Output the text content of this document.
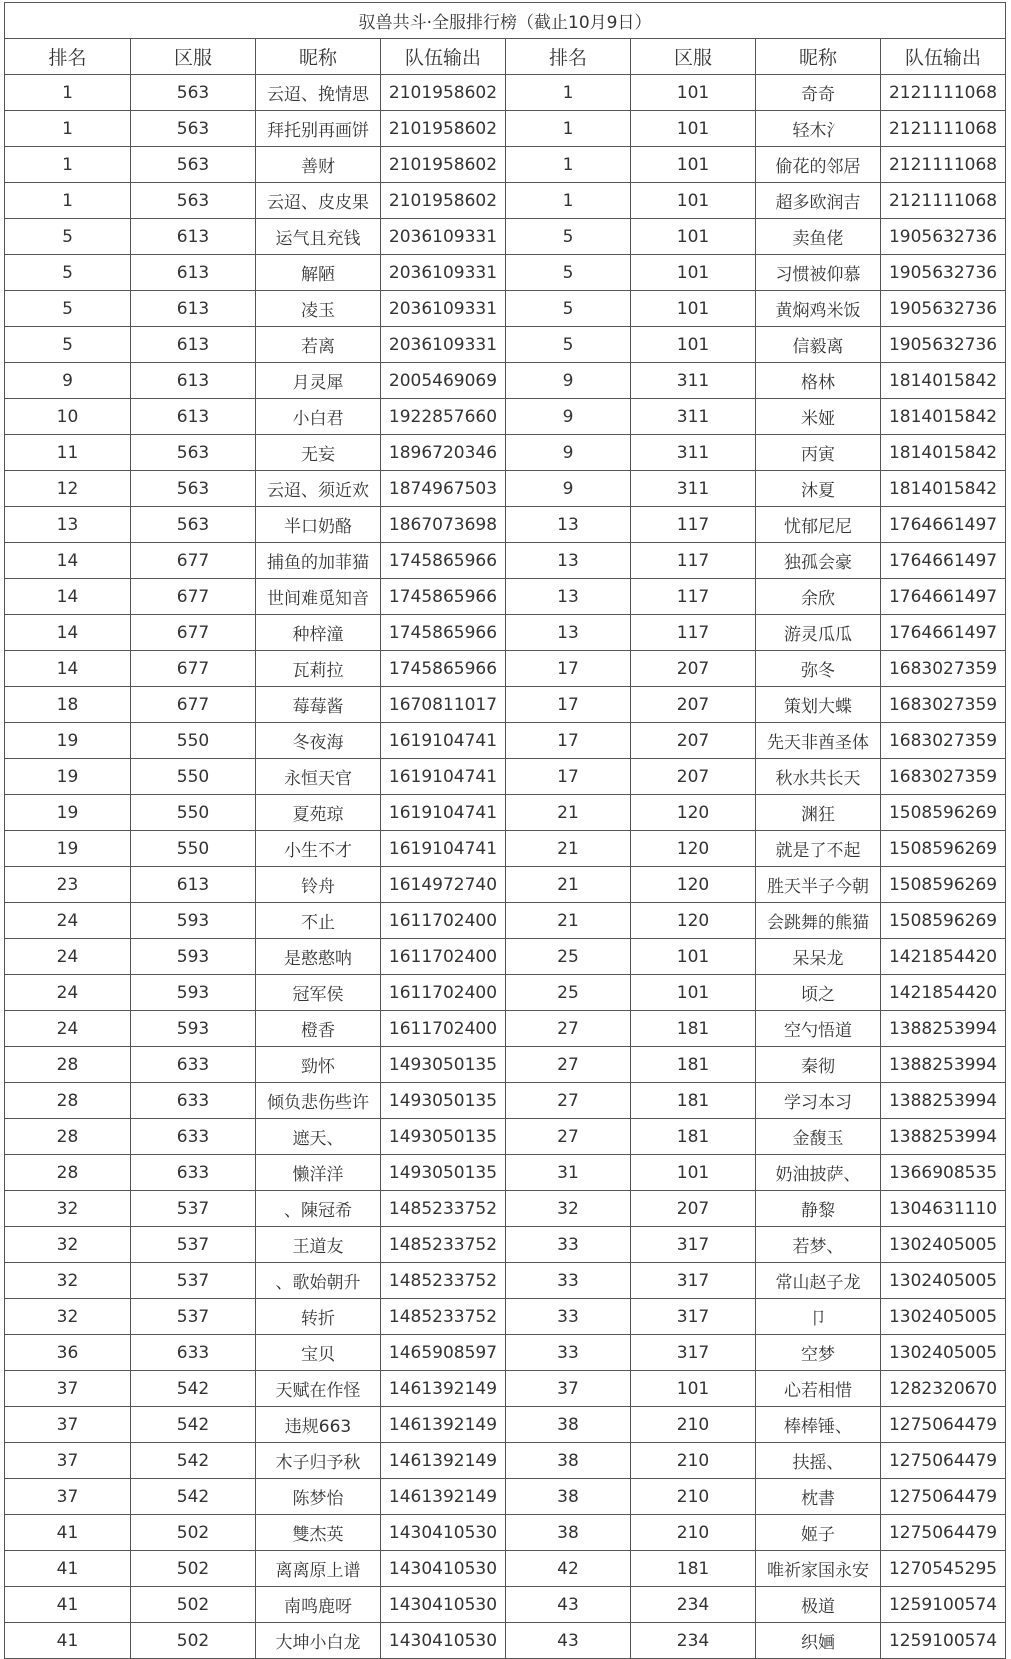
驭兽共斗·全服排行榜（截止10月9日）							
排名	区服	昵称	队伍输出	排名	区服	昵称	队伍输出
1	563	云迢、挽情思	2101958602	1	101	奇奇	2121111068
1	563	拜托别再画饼	2101958602	1	101	轻木氵	2121111068
1	563	善财	2101958602	1	101	偷花的邻居	2121111068
1	563	云迢、皮皮果	2101958602	1	101	超多欧润吉	2121111068
5	613	运气且充钱	2036109331	5	101	卖鱼佬	1905632736
5	613	解陋	2036109331	5	101	习惯被仰慕	1905632736
5	613	凌玉	2036109331	5	101	黄焖鸡米饭	1905632736
5	613	若离	2036109331	5	101	信毅离	1905632736
9	613	月灵犀	2005469069	9	311	格林	1814015842
10	613	小白君	1922857660	9	311	米娅	1814015842
11	563	无妄	1896720346	9	311	丙寅	1814015842
12	563	云迢、须近欢	1874967503	9	311	沐夏	1814015842
13	563	半口奶酪	1867073698	13	117	忧郁尼尼	1764661497
14	677	捕鱼的加菲猫	1745865966	13	117	独孤会豪	1764661497
14	677	世间难觅知音	1745865966	13	117	余欣	1764661497
14	677	种梓潼	1745865966	13	117	游灵瓜瓜	1764661497
14	677	瓦莉拉	1745865966	17	207	弥冬	1683027359
18	677	莓莓酱	1670811017	17	207	策划大蝶	1683027359
19	550	冬夜海	1619104741	17	207	先天非酋圣体	1683027359
19	550	永恒天官	1619104741	17	207	秋水共长天	1683027359
19	550	夏苑琼	1619104741	21	120	渊狂	1508596269
19	550	小生不才	1619104741	21	120	就是了不起	1508596269
23	613	铃舟	1614972740	21	120	胜天半子今朝	1508596269
24	593	不止	1611702400	21	120	会跳舞的熊猫	1508596269
24	593	是憨憨呐	1611702400	25	101	呆呆龙	1421854420
24	593	冠军侯	1611702400	25	101	顷之	1421854420
24	593	橙香	1611702400	27	181	空勺悟道	1388253994
28	633	勁怀	1493050135	27	181	秦彻	1388253994
28	633	倾负悲伤些许	1493050135	27	181	学习本习	1388253994
28	633	遮天、	1493050135	27	181	金馥玉	1388253994
28	633	懒洋洋	1493050135	31	101	奶油披萨、	1366908535
32	537	、陳冠希	1485233752	32	207	静黎	1304631110
32	537	王道友	1485233752	33	317	若梦、	1302405005
32	537	、歌始朝升	1485233752	33	317	常山赵子龙	1302405005
32	537	转折	1485233752	33	317	卩	1302405005
36	633	宝贝	1465908597	33	317	空梦	1302405005
37	542	天赋在作怪	1461392149	37	101	心若相惜	1282320670
37	542	违规663	1461392149	38	210	棒棒锤、	1275064479
37	542	木子归予秋	1461392149	38	210	扶摇、	1275064479
37	542	陈梦怡	1461392149	38	210	枕書	1275064479
41	502	雙杰英	1430410530	38	210	姬子	1275064479
41	502	离离原上谱	1430410530	42	181	唯祈家国永安	1270545295
41	502	南鸣鹿呀	1430410530	43	234	极道	1259100574
41	502	大坤小白龙	1430410530	43	234	织婳	1259100574
